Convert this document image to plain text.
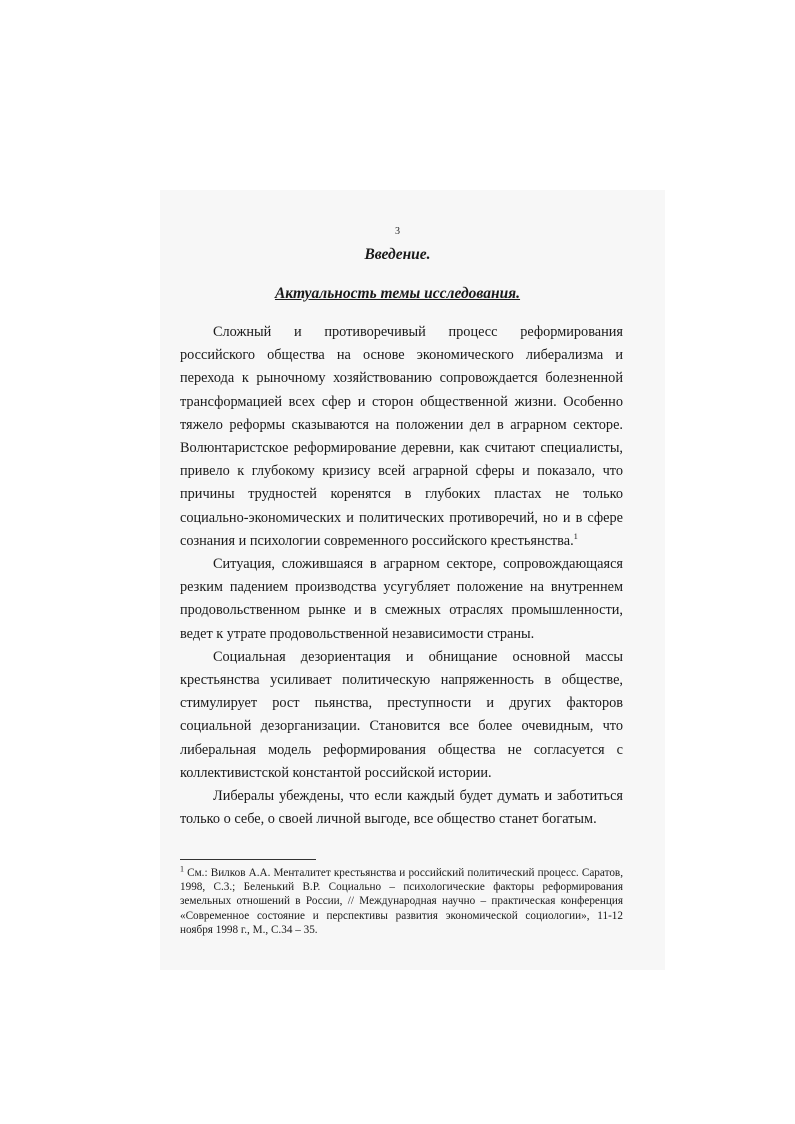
3
Введение.
Актуальность темы исследования.

Сложный и противоречивый процесс реформирования российского общества на основе экономического либерализма и перехода к рыночному хозяйствованию сопровождается болезненной трансформацией всех сфер и сторон общественной жизни. Особенно тяжело реформы сказываются на положении дел в аграрном секторе. Волюнтаристское реформирование деревни, как считают специалисты, привело к глубокому кризису всей аграрной сферы и показало, что причины трудностей коренятся в глубоких пластах не только социально-экономических и политических противоречий, но и в сфере сознания и психологии современного российского крестьянства.$^1$

Ситуация, сложившаяся в аграрном секторе, сопровождающаяся резким падением производства усугубляет положение на внутреннем продовольственном рынке и в смежных отраслях промышленности, ведет к утрате продовольственной независимости страны.

Социальная дезориентация и обнищание основной массы крестьянства усиливает политическую напряженность в обществе, стимулирует рост пьянства, преступности и других факторов социальной дезорганизации. Становится все более очевидным, что либеральная модель реформирования общества не согласуется с коллективистской константой российской истории.

Либералы убеждены, что если каждый будет думать и заботиться только о себе, о своей личной выгоде, все общество станет богатым.

$^1$ См.: Вилков А.А. Менталитет крестьянства и российский политический процесс. Саратов, 1998, С.3.; Беленький В.Р. Социально – психологические факторы реформирования земельных отношений в России, // Международная научно – практическая конференция «Современное состояние и перспективы развития экономической социологии», 11-12 ноября 1998 г., М., С.34 – 35.
